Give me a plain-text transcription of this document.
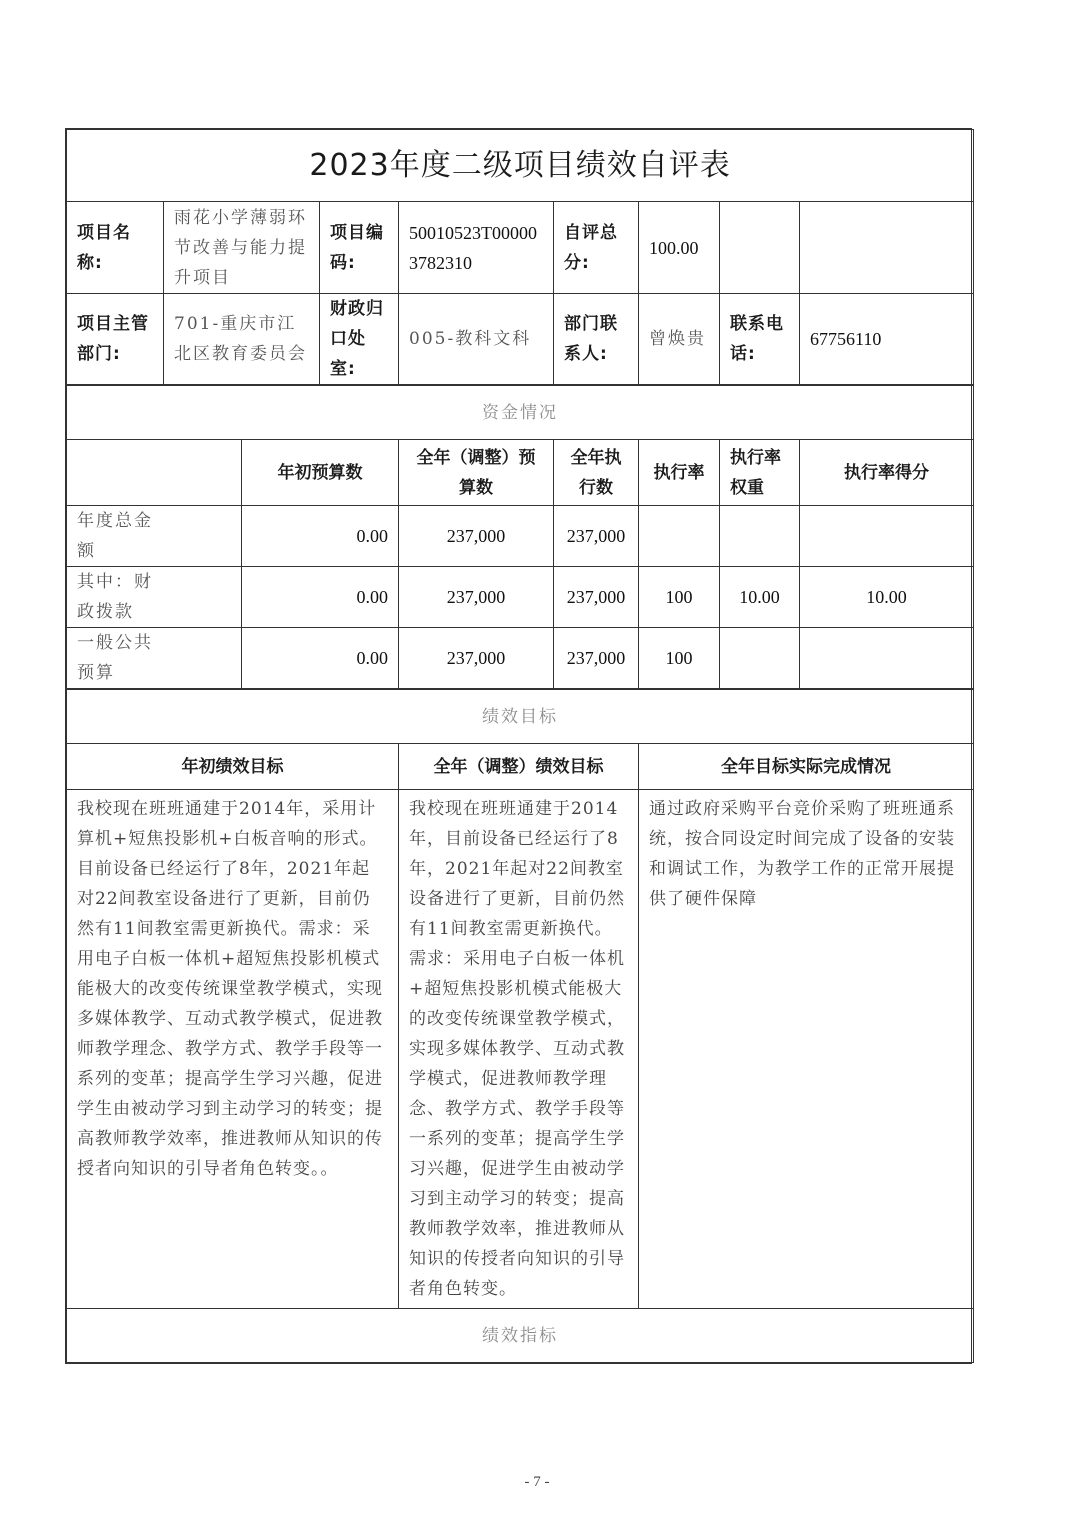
2023年度二级项目绩效自评表							
项目名称:	雨花小学薄弱环节改善与能力提升项目	项目编码:	50010523T000003782310	自评总分:	100.00		
项目主管部门:	701-重庆市江北区教育委员会	财政归口处室:	005-教科文科	部门联系人:	曾焕贵	联系电话:	67756110
资金情况						
	年初预算数	全年（调整）预算数	全年执行数	执行率	执行率权重	执行率得分
年度总金额	0.00	237,000	237,000			
其中：财政拨款	0.00	237,000	237,000	100	10.00	10.00
一般公共预算	0.00	237,000	237,000	100		
绩效目标		
年初绩效目标	全年（调整）绩效目标	全年目标实际完成情况
我校现在班班通建于2014年，采用计算机+短焦投影机+白板音响的形式。目前设备已经运行了8年，2021年起对22间教室设备进行了更新，目前仍然有11间教室需更新换代。需求：采用电子白板一体机+超短焦投影机模式能极大的改变传统课堂教学模式，实现多媒体教学、互动式教学模式，促进教师教学理念、教学方式、教学手段等一系列的变革；提高学生学习兴趣，促进学生由被动学习到主动学习的转变；提高教师教学效率，推进教师从知识的传授者向知识的引导者角色转变。。	我校现在班班通建于2014年，目前设备已经运行了8年，2021年起对22间教室设备进行了更新，目前仍然有11间教室需更新换代。需求：采用电子白板一体机+超短焦投影机模式能极大的改变传统课堂教学模式，实现多媒体教学、互动式教学模式，促进教师教学理念、教学方式、教学手段等一系列的变革；提高学生学习兴趣，促进学生由被动学习到主动学习的转变；提高教师教学效率，推进教师从知识的传授者向知识的引导者角色转变。	通过政府采购平台竞价采购了班班通系统，按合同设定时间完成了设备的安装和调试工作，为教学工作的正常开展提供了硬件保障
绩效指标		
- 7 -
